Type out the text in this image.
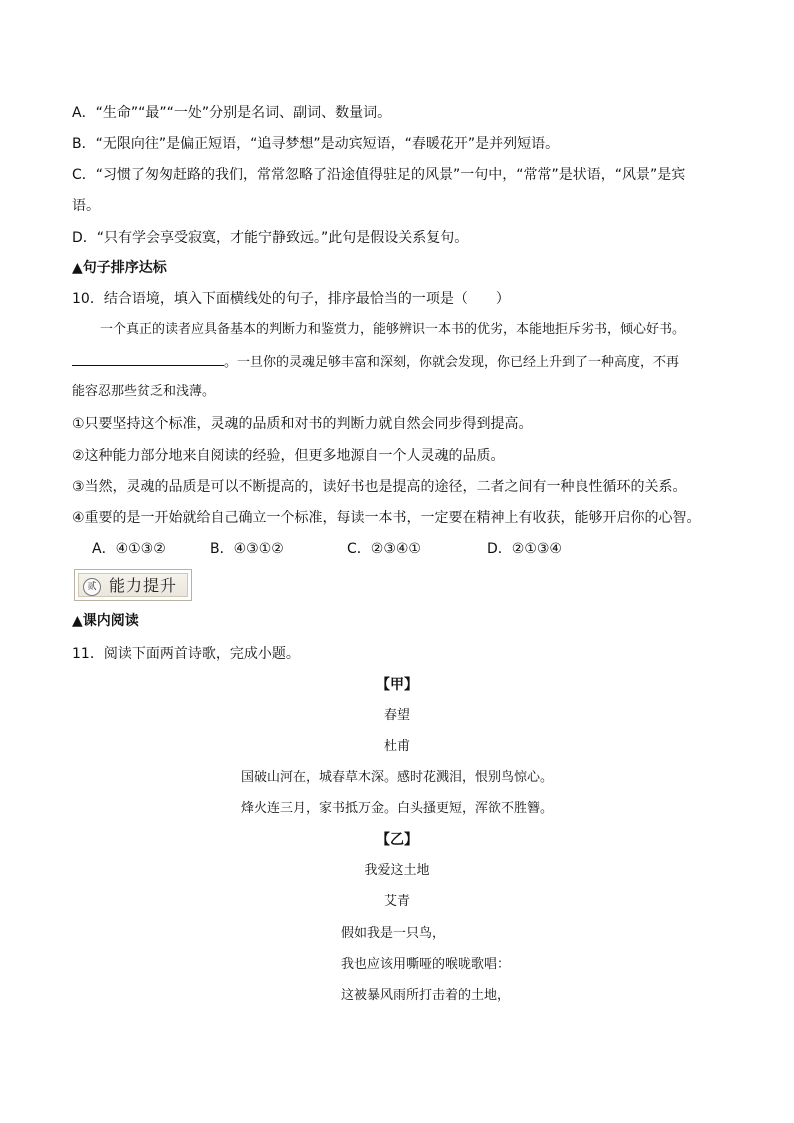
A．“生命”“最”“一处”分别是名词、副词、数量词。
B．“无限向往”是偏正短语，“追寻梦想”是动宾短语，“春暖花开”是并列短语。
C．“习惯了匆匆赶路的我们，常常忽略了沿途值得驻足的风景”一句中，“常常”是状语，“风景”是宾
语。
D．“只有学会享受寂寞，才能宁静致远。”此句是假设关系复句。
▲句子排序达标
10．结合语境，填入下面横线处的句子，排序最恰当的一项是（　　）
一个真正的读者应具备基本的判断力和鉴赏力，能够辨识一本书的优劣，本能地拒斥劣书，倾心好书。
。一旦你的灵魂足够丰富和深刻，你就会发现，你已经上升到了一种高度，不再
能容忍那些贫乏和浅薄。
①只要坚持这个标准，灵魂的品质和对书的判断力就自然会同步得到提高。
②这种能力部分地来自阅读的经验，但更多地源自一个人灵魂的品质。
③当然，灵魂的品质是可以不断提高的，读好书也是提高的途径，二者之间有一种良性循环的关系。
④重要的是一开始就给自己确立一个标准，每读一本书，一定要在精神上有收获，能够开启你的心智。
A．④①③②	B．④③①②	C．②③④①	D．②①③④
贰 能力提升
▲课内阅读
11．阅读下面两首诗歌，完成小题。
【甲】
春望
杜甫
国破山河在，城春草木深。感时花溅泪，恨别鸟惊心。
烽火连三月，家书抵万金。白头搔更短，浑欲不胜簪。
【乙】
我爱这土地
艾青
假如我是一只鸟，
我也应该用嘶哑的喉咙歌唱：
这被暴风雨所打击着的土地，
